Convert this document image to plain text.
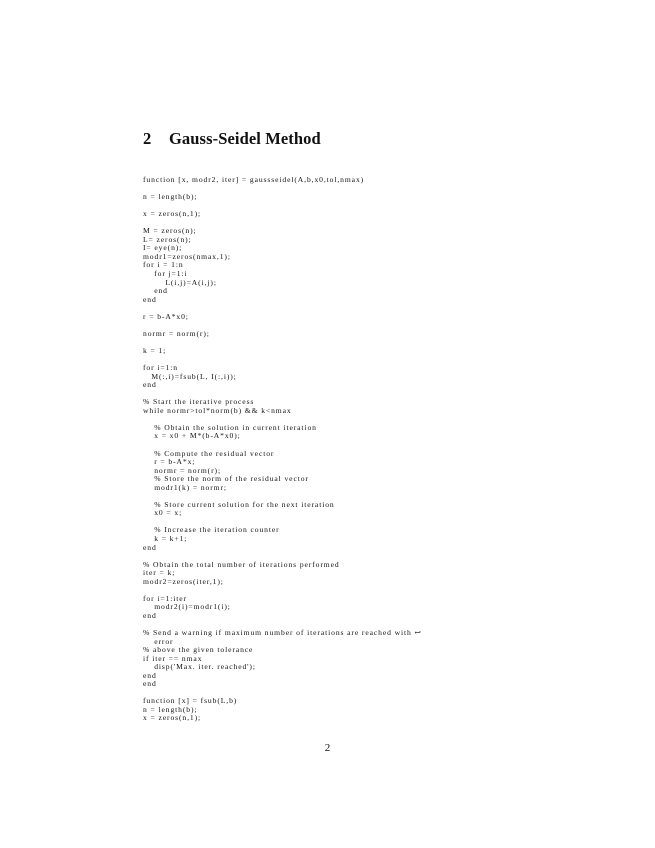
2 Gauss-Seidel Method
function [x, modr2, iter] = gaussseidel(A,b,x0,tol,nmax)
n = length(b);
x = zeros(n,1);
M = zeros(n);
L= zeros(n);
I= eye(n);
modr1=zeros(nmax,1);
for i = 1:n
for j=1:i
L(i,j)=A(i,j);
end
end
r = b-A*x0;
normr = norm(r);
k = 1;
for i=1:n
M(:,i)=fsub(L, I(:,i));
end
% Start the iterative process
while normr>tol*norm(b) && k<nmax
% Obtain the solution in current iteration
x = x0 + M*(b-A*x0);
% Compute the residual vector
r = b-A*x;
normr = norm(r);
% Store the norm of the residual vector
modr1(k) = normr;
% Store current solution for the next iteration
x0 = x;
% Increase the iteration counter
k = k+1;
end
% Obtain the total number of iterations performed
iter = k;
modr2=zeros(iter,1);
for i=1:iter
modr2(i)=modr1(i);
end
% Send a warning if maximum number of iterations are reached with ↩
error
% above the given tolerance
if iter == nmax
disp('Max. iter. reached');
end
end
function [x] = fsub(L,b)
n = length(b);
x = zeros(n,1);
2
